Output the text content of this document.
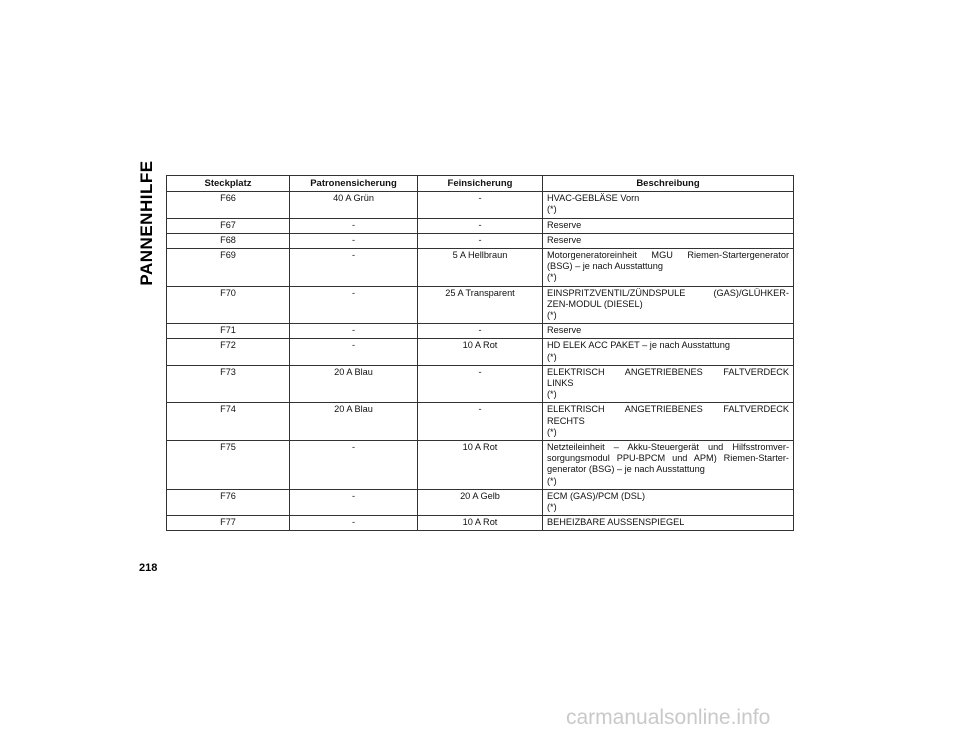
PANNENHILFE	Steckplatz	Patronensicherung	Feinsicherung	Beschreibung
F66	40 A Grün	-	HVAC-GEBLÄSE Vorn
(*)

F67	-	-	Reserve

F68	-	-	Reserve

F69	-	5 A Hellbraun	Motorgeneratoreinheit MGU Riemen-Startergenerator
(BSG) – je nach Ausstattung
(*)

F70	-	25 A Transparent	EINSPRITZVENTIL/ZÜNDSPULE (GAS)/GLÜHKER-
ZEN-MODUL (DIESEL)
(*)

F71	-	-	Reserve

F72	-	10 A Rot	HD ELEK ACC PAKET – je nach Ausstattung
(*)

F73	20 A Blau	-	ELEKTRISCH ANGETRIEBENES FALTVERDECK
LINKS
(*)

F74	20 A Blau	-	ELEKTRISCH ANGETRIEBENES FALTVERDECK
RECHTS
(*)

F75	-	10 A Rot	Netzteileinheit – Akku-Steuergerät und Hilfsstromver-
sorgungsmodul PPU-BPCM und APM) Riemen-Starter-
generator (BSG) – je nach Ausstattung
(*)

F76	-	20 A Gelb	ECM (GAS)/PCM (DSL)
(*)

F77	-	10 A Rot	BEHEIZBARE AUSSENSPIEGEL
218
carmanualsonline.info
